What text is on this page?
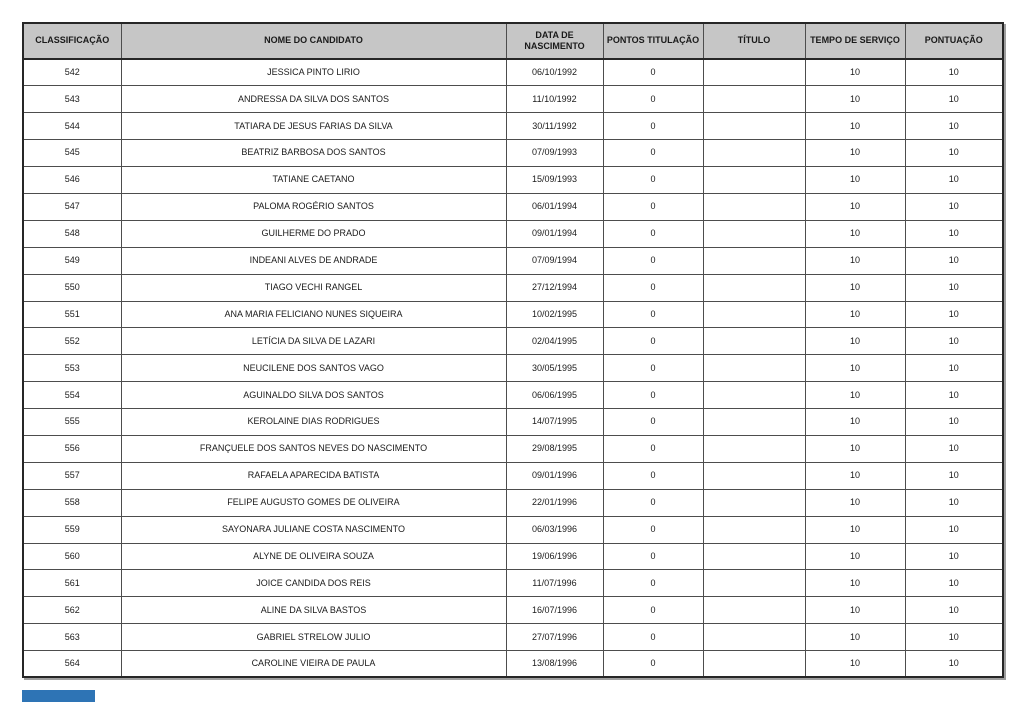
CLASSIFICAÇÃO	NOME DO CANDIDATO	DATA DE NASCIMENTO	PONTOS TITULAÇÃO	TÍTULO	TEMPO DE SERVIÇO	PONTUAÇÃO
542	JESSICA PINTO LIRIO	06/10/1992	0		10	10
543	ANDRESSA DA SILVA DOS SANTOS	11/10/1992	0		10	10
544	TATIARA DE JESUS FARIAS DA SILVA	30/11/1992	0		10	10
545	BEATRIZ BARBOSA DOS SANTOS	07/09/1993	0		10	10
546	TATIANE CAETANO	15/09/1993	0		10	10
547	PALOMA ROGÉRIO SANTOS	06/01/1994	0		10	10
548	GUILHERME DO PRADO	09/01/1994	0		10	10
549	INDEANI ALVES DE ANDRADE	07/09/1994	0		10	10
550	TIAGO VECHI RANGEL	27/12/1994	0		10	10
551	ANA MARIA FELICIANO NUNES SIQUEIRA	10/02/1995	0		10	10
552	LETÍCIA DA SILVA DE LAZARI	02/04/1995	0		10	10
553	NEUCILENE DOS SANTOS VAGO	30/05/1995	0		10	10
554	AGUINALDO SILVA DOS SANTOS	06/06/1995	0		10	10
555	KEROLAINE DIAS RODRIGUES	14/07/1995	0		10	10
556	FRANÇUELE DOS SANTOS NEVES DO NASCIMENTO	29/08/1995	0		10	10
557	RAFAELA APARECIDA BATISTA	09/01/1996	0		10	10
558	FELIPE AUGUSTO GOMES DE OLIVEIRA	22/01/1996	0		10	10
559	SAYONARA JULIANE COSTA NASCIMENTO	06/03/1996	0		10	10
560	ALYNE DE OLIVEIRA SOUZA	19/06/1996	0		10	10
561	JOICE CANDIDA DOS REIS	11/07/1996	0		10	10
562	ALINE DA SILVA BASTOS	16/07/1996	0		10	10
563	GABRIEL STRELOW JULIO	27/07/1996	0		10	10
564	CAROLINE VIEIRA DE PAULA	13/08/1996	0		10	10
